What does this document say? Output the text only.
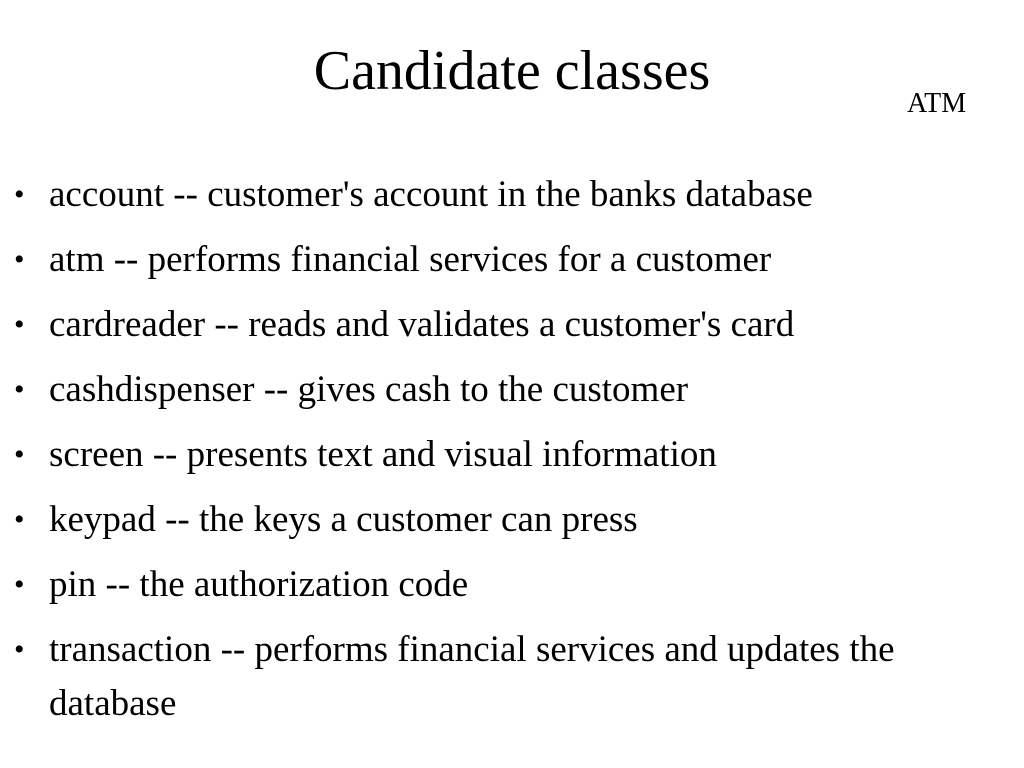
Candidate classes
ATM
• account -- customer's account in the banks database
• atm -- performs financial services for a customer
• cardreader -- reads and validates a customer's card
• cashdispenser -- gives cash to the customer
• screen -- presents text and visual information
• keypad -- the keys a customer can press
• pin -- the authorization code
• transaction -- performs financial services and updates the database
